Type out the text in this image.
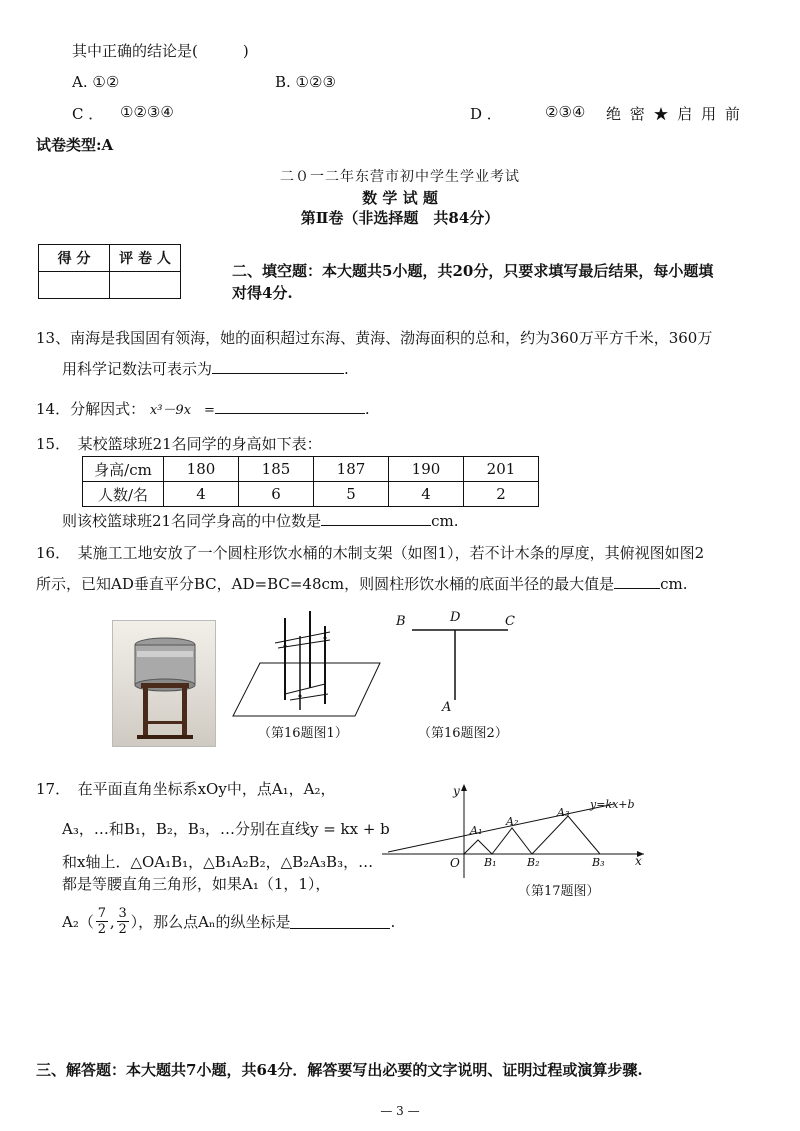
其中正确的结论是(　　　)
A. ①②	B. ①②③
C ． ①②③④	D ．	②③④ 绝 密 ★ 启 用 前
试卷类型:A
二０一二年东营市初中学生学业考试
数 学 试 题
第Ⅱ卷（非选择题　共84分）
得 分	评 卷 人

二、填空题：本大题共5小题，共20分，只要求填写最后结果，每小题填
对得4分.
13、南海是我国固有领海，她的面积超过东海、黄海、渤海面积的总和，约为360万平方千米，360万
用科学记数法可表示为	.
14．分解因式： x³－9x　=	.
15．　某校篮球班21名同学的身高如下表：
身高/cm	180	185	187	190	201
人数/名	4	6	5	4	2
则该校篮球班21名同学身高的中位数是	cm.
16．　某施工工地安放了一个圆柱形饮水桶的木制支架（如图1），若不计木条的厚度，其俯视图如图2
所示，已知AD垂直平分BC，AD=BC=48cm，则圆柱形饮水桶的底面半径的最大值是	cm.
（第16题图1）
B	D	C
A
（第16题图2）
17．　在平面直角坐标系xOy中，点A₁，A₂，
A₃，…和B₁，B₂，B₃，…分别在直线y = kx + b
和x轴上．△OA₁B₁，△B₁A₂B₂，△B₂A₃B₃，…
都是等腰直角三角形，如果A₁（1，1），
$A_2( \frac{7}{2}$ , $\frac{3}{2}$ ），那么点Aₙ的纵坐标是	.
y
x
O
A₁
A₂
A₃
B₁	B₂	B₃
y=kx+b
（第17题图）
三、解答题：本大题共7小题，共64分．解答要写出必要的文字说明、证明过程或演算步骤.
— 3 —
